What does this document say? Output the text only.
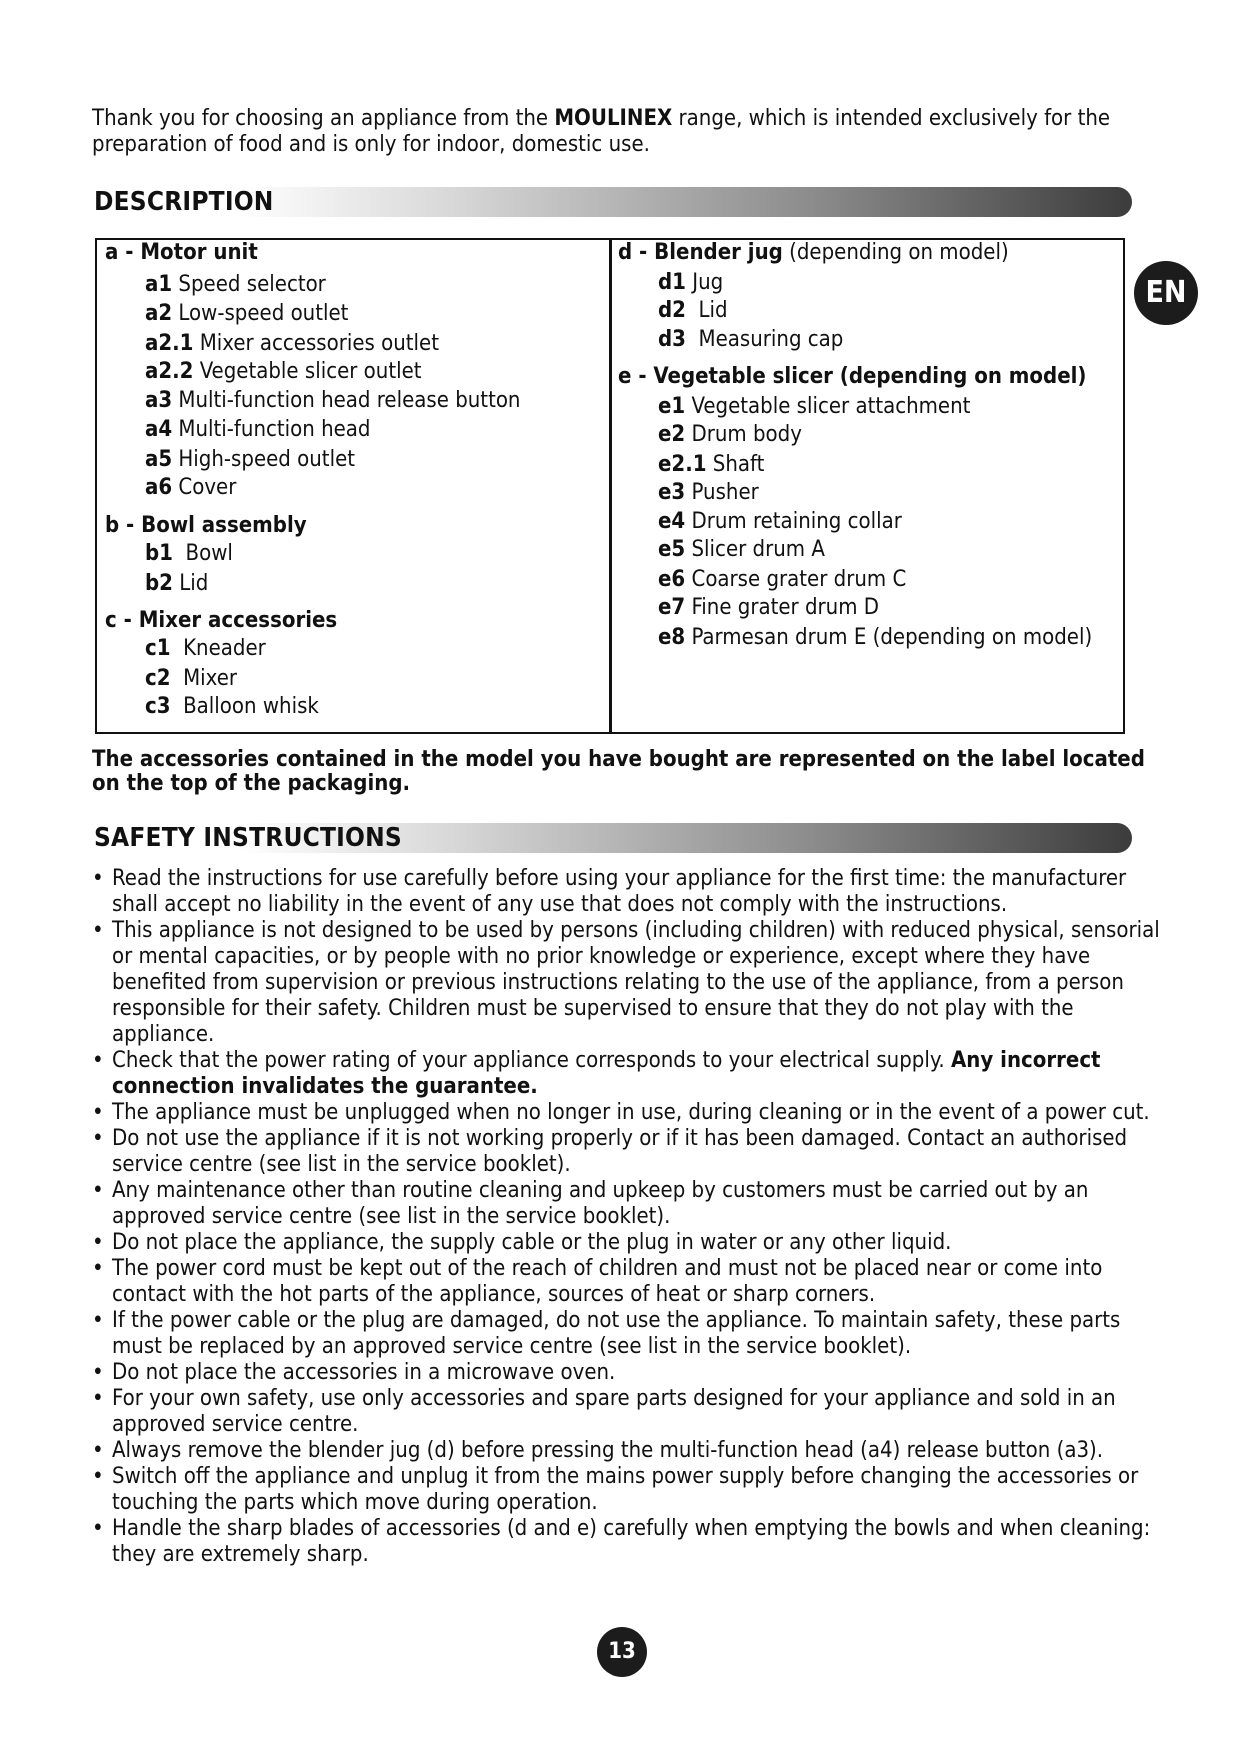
Thank you for choosing an appliance from the MOULINEX range, which is intended exclusively for the preparation of food and is only for indoor, domestic use.

DESCRIPTION
EN
a - Motor unit
a1 Speed selector
a2 Low-speed outlet
a2.1 Mixer accessories outlet
a2.2 Vegetable slicer outlet
a3 Multi-function head release button
a4 Multi-function head
a5 High-speed outlet
a6 Cover
b - Bowl assembly
b1  Bowl
b2 Lid
c - Mixer accessories
c1  Kneader
c2  Mixer
c3  Balloon whisk
d - Blender jug (depending on model)
d1 Jug
d2  Lid
d3  Measuring cap
e - Vegetable slicer (depending on model)
e1 Vegetable slicer attachment
e2 Drum body
e2.1 Shaft
e3 Pusher
e4 Drum retaining collar
e5 Slicer drum A
e6 Coarse grater drum C
e7 Fine grater drum D
e8 Parmesan drum E (depending on model)

The accessories contained in the model you have bought are represented on the label located on the top of the packaging.

SAFETY INSTRUCTIONS
• Read the instructions for use carefully before using your appliance for the first time: the manufacturer shall accept no liability in the event of any use that does not comply with the instructions.
• This appliance is not designed to be used by persons (including children) with reduced physical, sensorial or mental capacities, or by people with no prior knowledge or experience, except where they have benefited from supervision or previous instructions relating to the use of the appliance, from a person responsible for their safety. Children must be supervised to ensure that they do not play with the appliance.
• Check that the power rating of your appliance corresponds to your electrical supply. Any incorrect connection invalidates the guarantee.
• The appliance must be unplugged when no longer in use, during cleaning or in the event of a power cut.
• Do not use the appliance if it is not working properly or if it has been damaged. Contact an authorised service centre (see list in the service booklet).
• Any maintenance other than routine cleaning and upkeep by customers must be carried out by an approved service centre (see list in the service booklet).
• Do not place the appliance, the supply cable or the plug in water or any other liquid.
• The power cord must be kept out of the reach of children and must not be placed near or come into contact with the hot parts of the appliance, sources of heat or sharp corners.
• If the power cable or the plug are damaged, do not use the appliance. To maintain safety, these parts must be replaced by an approved service centre (see list in the service booklet).
• Do not place the accessories in a microwave oven.
• For your own safety, use only accessories and spare parts designed for your appliance and sold in an approved service centre.
• Always remove the blender jug (d) before pressing the multi-function head (a4) release button (a3).
• Switch off the appliance and unplug it from the mains power supply before changing the accessories or touching the parts which move during operation.
• Handle the sharp blades of accessories (d and e) carefully when emptying the bowls and when cleaning: they are extremely sharp.
13
